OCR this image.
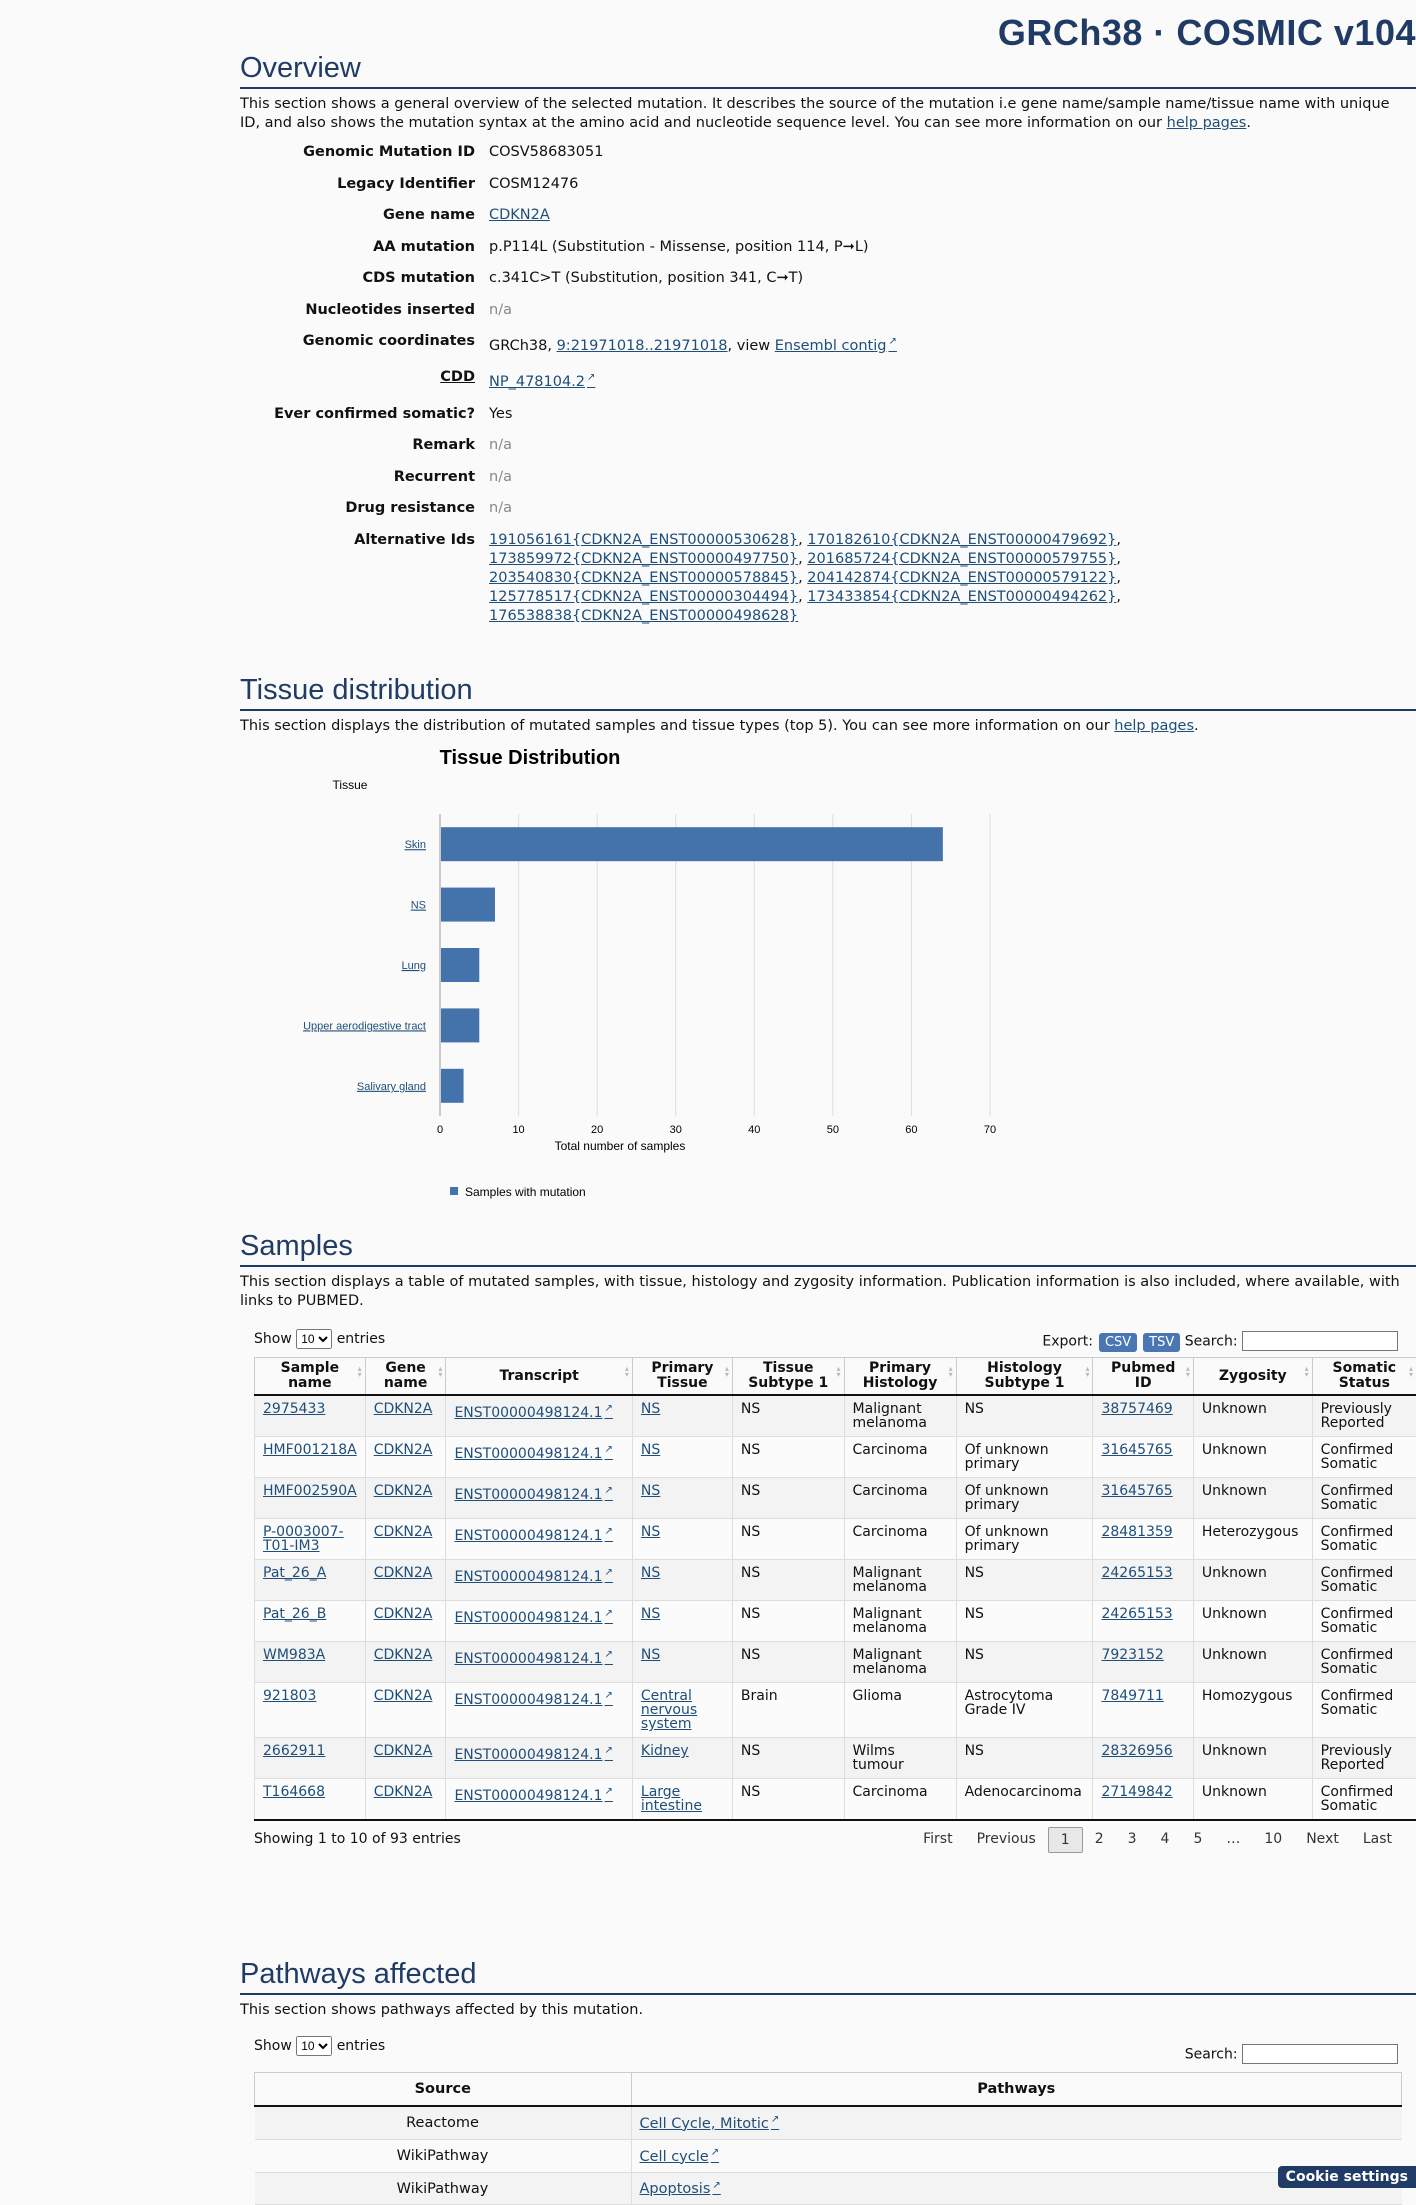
GRCh38 · COSMIC v104
Overview
This section shows a general overview of the selected mutation. It describes the source of the mutation i.e gene name/sample name/tissue name with unique ID, and also shows the mutation syntax at the amino acid and nucleotide sequence level. You can see more information on our help pages.
Genomic Mutation ID COSV58683051
Legacy Identifier COSM12476
Gene name CDKN2A
AA mutation p.P114L (Substitution - Missense, position 114, P➞L)
CDS mutation c.341C>T (Substitution, position 341, C➞T)
Nucleotides inserted n/a
Genomic coordinates GRCh38, 9:21971018..21971018, view Ensembl contig ↗
CDD NP_478104.2 ↗
Ever confirmed somatic? Yes
Remark n/a
Recurrent n/a
Drug resistance n/a
Alternative Ids 191056161{CDKN2A_ENST00000530628}, 170182610{CDKN2A_ENST00000479692},
173859972{CDKN2A_ENST00000497750}, 201685724{CDKN2A_ENST00000579755},
203540830{CDKN2A_ENST00000578845}, 204142874{CDKN2A_ENST00000579122},
125778517{CDKN2A_ENST00000304494}, 173433854{CDKN2A_ENST00000494262},
176538838{CDKN2A_ENST00000498628}
Tissue distribution
This section displays the distribution of mutated samples and tissue types (top 5). You can see more information on our help pages.
Tissue Distribution
Tissue
0	10	20	30	40	50	60	70
Skin
NS
Lung
Upper aerodigestive tract
Salivary gland
Total number of samples
Samples with mutation
Samples
This section displays a table of mutated samples, with tissue, histology and zygosity information. Publication information is also included, where available, with links to PUBMED.
Show
10	entries	Export: CSV TSV Search:
Sample name ▴▾	Gene name ▴▾	Transcript ▴▾	Primary Tissue ▴▾	Tissue Subtype 1 ▴▾	Primary Histology ▴▾	Histology Subtype 1 ▴▾	Pubmed ID ▴▾	Zygosity ▴▾	Somatic Status ▴▾
2975433	CDKN2A	ENST00000498124.1 ↗	NS	NS	Malignant melanoma	NS	38757469	Unknown	Previously Reported
HMF001218A	CDKN2A	ENST00000498124.1 ↗	NS	NS	Carcinoma	Of unknown primary	31645765	Unknown	Confirmed Somatic
HMF002590A	CDKN2A	ENST00000498124.1 ↗	NS	NS	Carcinoma	Of unknown primary	31645765	Unknown	Confirmed Somatic
P-0003007-T01-IM3	CDKN2A	ENST00000498124.1 ↗	NS	NS	Carcinoma	Of unknown primary	28481359	Heterozygous	Confirmed Somatic
Pat_26_A	CDKN2A	ENST00000498124.1 ↗	NS	NS	Malignant melanoma	NS	24265153	Unknown	Confirmed Somatic
Pat_26_B	CDKN2A	ENST00000498124.1 ↗	NS	NS	Malignant melanoma	NS	24265153	Unknown	Confirmed Somatic
WM983A	CDKN2A	ENST00000498124.1 ↗	NS	NS	Malignant melanoma	NS	7923152	Unknown	Confirmed Somatic
921803	CDKN2A	ENST00000498124.1 ↗	Central nervous system	Brain	Glioma	Astrocytoma Grade IV	7849711	Homozygous	Confirmed Somatic
2662911	CDKN2A	ENST00000498124.1 ↗	Kidney	NS	Wilms tumour	NS	28326956	Unknown	Previously Reported
T164668	CDKN2A	ENST00000498124.1 ↗	Large intestine	NS	Carcinoma	Adenocarcinoma	27149842	Unknown	Confirmed Somatic
Showing 1 to 10 of 93 entries	First	Previous	1	2	3	4	5	…	10	Next	Last
Pathways affected
This section shows pathways affected by this mutation.
Show
10	entries
Search:
Source	Pathways
Reactome	Cell Cycle, Mitotic ↗
WikiPathway	Cell cycle ↗
WikiPathway	Apoptosis ↗
Cookie settings
